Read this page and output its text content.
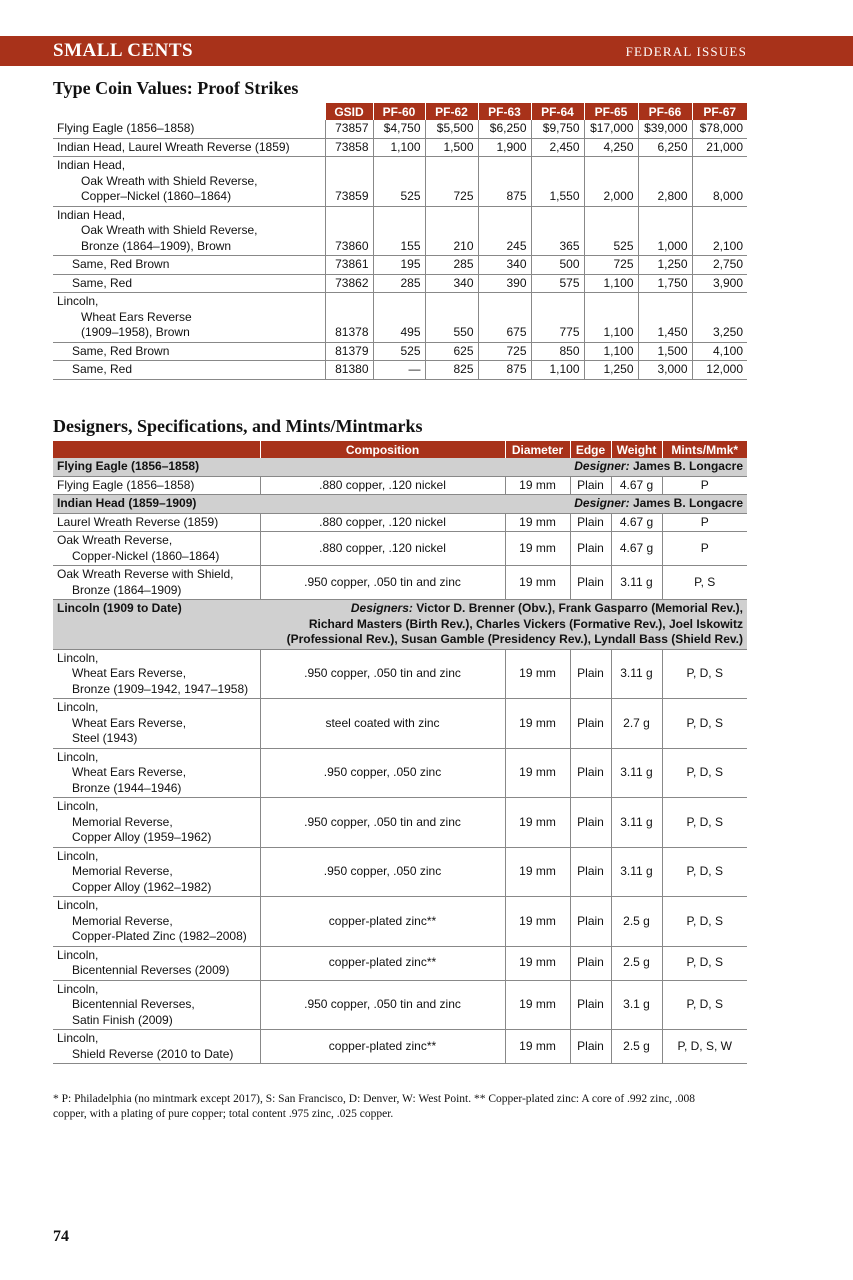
SMALL CENTS	FEDERAL ISSUES
Type Coin Values: Proof Strikes
	GSID	PF-60	PF-62	PF-63	PF-64	PF-65	PF-66	PF-67

Flying Eagle (1856–1858)	73857	$4,750	$5,500	$6,250	$9,750	$17,000	$39,000	$78,000

Indian Head, Laurel Wreath Reverse (1859)	73858	1,100	1,500	1,900	2,450	4,250	6,250	21,000

Indian Head,
Oak Wreath with Shield Reverse,
Copper–Nickel (1860–1864)	73859	525	725	875	1,550	2,000	2,800	8,000

Indian Head,
Oak Wreath with Shield Reverse,
Bronze (1864–1909), Brown	73860	155	210	245	365	525	1,000	2,100

Same, Red Brown	73861	195	285	340	500	725	1,250	2,750

Same, Red	73862	285	340	390	575	1,100	1,750	3,900

Lincoln,
Wheat Ears Reverse
(1909–1958), Brown	81378	495	550	675	775	1,100	1,450	3,250

Same, Red Brown	81379	525	625	725	850	1,100	1,500	4,100

Same, Red	81380	—	825	875	1,100	1,250	3,000	12,000
Designers, Specifications, and Mints/Mintmarks
	Composition	Diameter	Edge	Weight	Mints/Mmk*
Flying Eagle (1856–1858)	Designer: James B. Longacre				

Flying Eagle (1856–1858)	.880 copper, .120 nickel	19 mm	Plain	4.67 g	P
Indian Head (1859–1909)	Designer: James B. Longacre				

Laurel Wreath Reverse (1859)	.880 copper, .120 nickel	19 mm	Plain	4.67 g	P

Oak Wreath Reverse,
Copper-Nickel (1860–1864)	.880 copper, .120 nickel	19 mm	Plain	4.67 g	P

Oak Wreath Reverse with Shield,
Bronze (1864–1909)	.950 copper, .050 tin and zinc	19 mm	Plain	3.11 g	P, S
Lincoln (1909 to Date)	Designers: Victor D. Brenner (Obv.), Frank Gasparro (Memorial Rev.),
Richard Masters (Birth Rev.), Charles Vickers (Formative Rev.), Joel Iskowitz
(Professional Rev.), Susan Gamble (Presidency Rev.), Lyndall Bass (Shield Rev.)				

Lincoln,
Wheat Ears Reverse,
Bronze (1909–1942, 1947–1958)	.950 copper, .050 tin and zinc	19 mm	Plain	3.11 g	P, D, S

Lincoln,
Wheat Ears Reverse,
Steel (1943)	steel coated with zinc	19 mm	Plain	2.7 g	P, D, S

Lincoln,
Wheat Ears Reverse,
Bronze (1944–1946)	.950 copper, .050 zinc	19 mm	Plain	3.11 g	P, D, S

Lincoln,
Memorial Reverse,
Copper Alloy (1959–1962)	.950 copper, .050 tin and zinc	19 mm	Plain	3.11 g	P, D, S

Lincoln,
Memorial Reverse,
Copper Alloy (1962–1982)	.950 copper, .050 zinc	19 mm	Plain	3.11 g	P, D, S

Lincoln,
Memorial Reverse,
Copper-Plated Zinc (1982–2008)	copper-plated zinc**	19 mm	Plain	2.5 g	P, D, S

Lincoln,
Bicentennial Reverses (2009)	copper-plated zinc**	19 mm	Plain	2.5 g	P, D, S

Lincoln,
Bicentennial Reverses,
Satin Finish (2009)	.950 copper, .050 tin and zinc	19 mm	Plain	3.1 g	P, D, S

Lincoln,
Shield Reverse (2010 to Date)	copper-plated zinc**	19 mm	Plain	2.5 g	P, D, S, W
* P: Philadelphia (no mintmark except 2017), S: San Francisco, D: Denver, W: West Point. ** Copper-plated zinc: A core of .992 zinc, .008
copper, with a plating of pure copper; total content .975 zinc, .025 copper.
74
